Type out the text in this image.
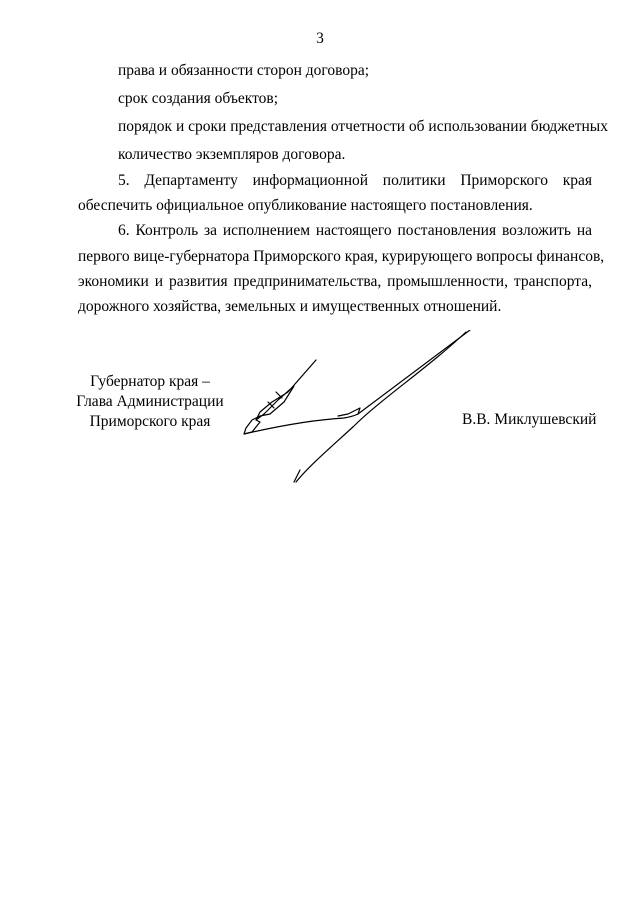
3
права и обязанности сторон договора;
срок создания объектов;
порядок и сроки представления отчетности об использовании бюджетных
количество экземпляров договора.
5.  Департаменту  информационной  политики  Приморского  края
обеспечить официальное опубликование настоящего постановления.
6. Контроль за исполнением настоящего постановления возложить на
первого вице-губернатора Приморского края, курирующего вопросы финансов,
экономики и развития предпринимательства, промышленности, транспорта,
дорожного хозяйства, земельных и имущественных отношений.
Губернатор края –
Глава Администрации
Приморского края	В.В. Миклушевский
